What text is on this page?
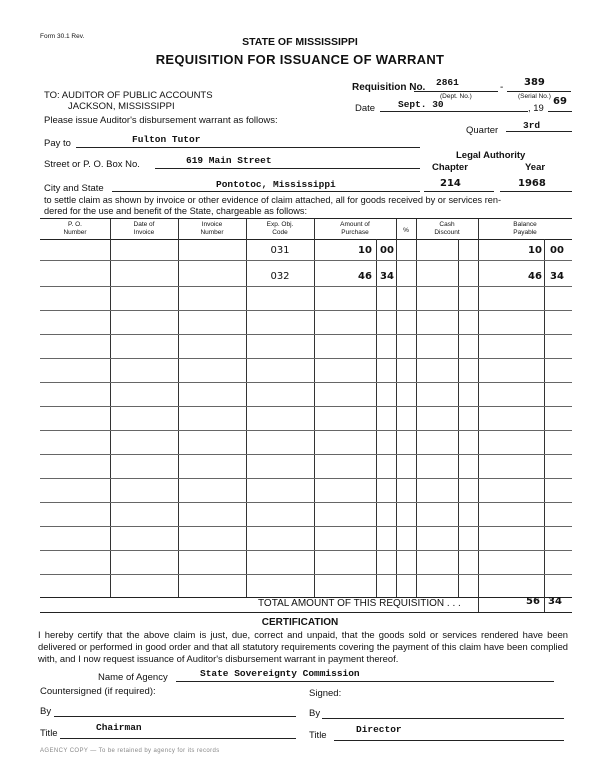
Form 30.1 Rev.	STATE OF MISSISSIPPI
REQUISITION FOR ISSUANCE OF WARRANT
Requisition No. 2861	- 389
(Dept. No.)	(Serial No.)
Date Sept. 30	, 19
69
Quarter	3rd
TO: AUDITOR OF PUBLIC ACCOUNTS
JACKSON, MISSISSIPPI
Please issue Auditor's disbursement warrant as follows:
Pay to	Fulton Tutor
Legal Authority
Chapter	Year
Street or P. O. Box No.	619 Main Street
City and State	Pontotoc, Mississippi	214	1968
to settle claim as shown by invoice or other evidence of claim attached, all for goods received by or services ren-
dered for the use and benefit of the State, chargeable as follows:
P. O.
Number
Date of
Invoice
Invoice
Number
Exp. Obj.
Code
Amount of
Purchase	%
Cash
Discount
Balance
Payable
031	10 00	10 00
032	46 34	46 34
TOTAL AMOUNT OF THIS REQUISITION . . .	56 34
CERTIFICATION
I hereby certify that the above claim is just, due, correct and unpaid, that the goods sold or services rendered have been delivered or performed in good order and that all statutory requirements covering the payment of this claim have been complied with, and I now request issuance of Auditor's disbursement warrant in payment thereof.
Name of Agency	State Sovereignty Commission
Countersigned (if required):	Signed:
By	By
Title
Chairman
Title
Director
AGENCY COPY — To be retained by agency for its records
